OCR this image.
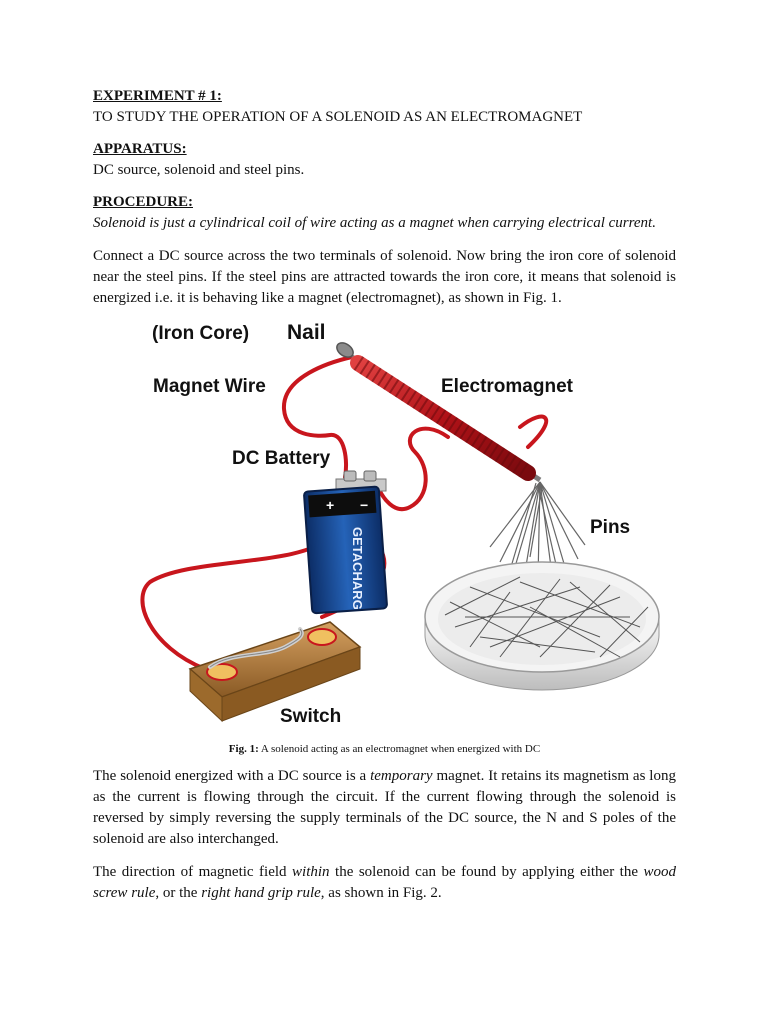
EXPERIMENT # 1:

TO STUDY THE OPERATION OF A SOLENOID AS AN ELECTROMAGNET

APPARATUS:

DC source, solenoid and steel pins.

PROCEDURE:

Solenoid is just a cylindrical coil of wire acting as a magnet when carrying electrical current.

Connect a DC source across the two terminals of solenoid. Now bring the iron core of solenoid near the steel pins. If the steel pins are attracted towards the iron core, it means that solenoid is energized i.e. it is behaving like a magnet (electromagnet), as shown in Fig. 1.

(Iron Core) Nail
Magnet Wire	Electromagnet
DC Battery
Pins
Switch
+ −
GETACHARG

Fig. 1: A solenoid acting as an electromagnet when energized with DC

The solenoid energized with a DC source is a temporary magnet. It retains its magnetism as long as the current is flowing through the circuit. If the current flowing through the solenoid is reversed by simply reversing the supply terminals of the DC source, the N and S poles of the solenoid are also interchanged.

The direction of magnetic field within the solenoid can be found by applying either the wood screw rule, or the right hand grip rule, as shown in Fig. 2.
